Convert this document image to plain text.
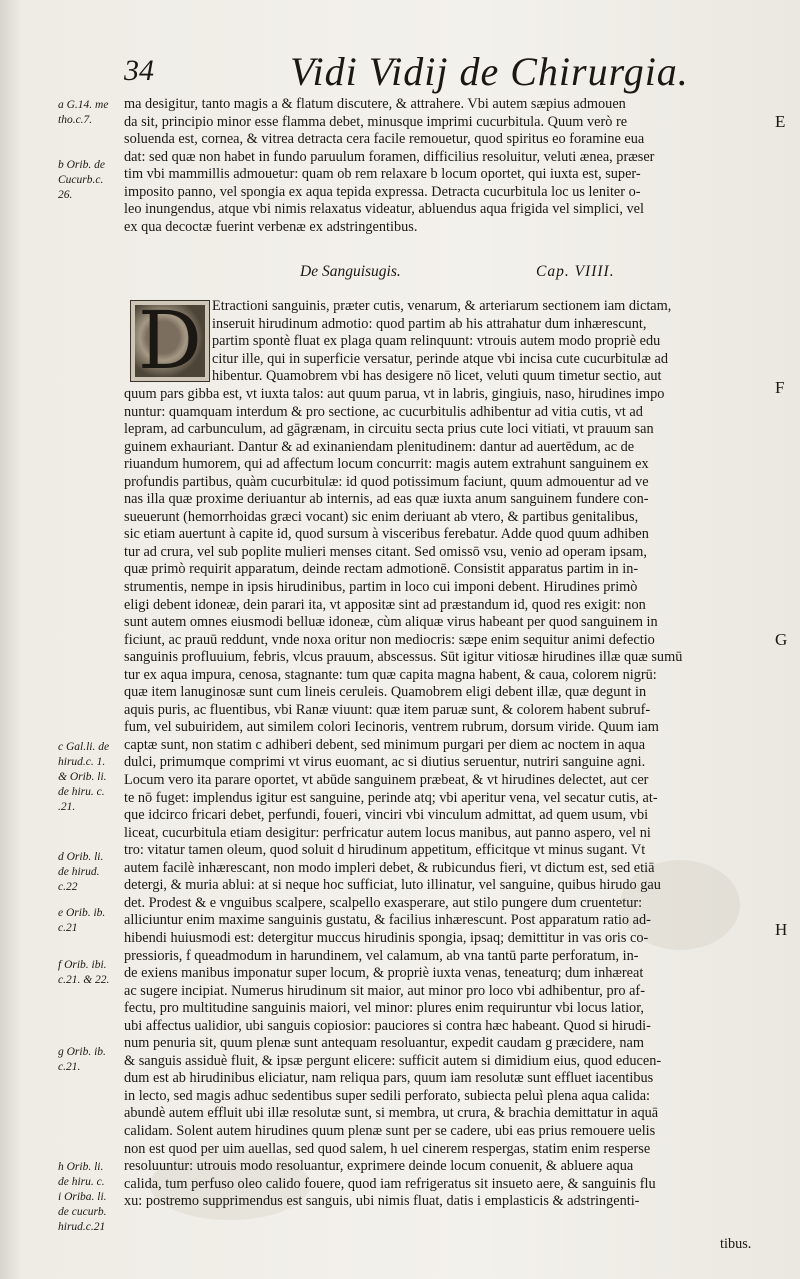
34	Vidi Vidij de Chirurgia.
E
F
G
H
a G.14. me
tho.c.7.
b Orib. de
Cucurb.c.
26.
c Gal.li. de
hirud.c. 1.
& Orib. li.
de hiru. c.
.21.
d Orib. li.
de hirud.
c.22
e Orib. ib.
c.21
f Orib. ibi.
c.21. & 22.
g Orib. ib.
c.21.
h Orib. li.
de hiru. c.
i Oriba. li.
de cucurb.
hirud.c.21
ma desigitur, tanto magis a & flatum discutere, & attrahere. Vbi autem sæpius admouen
da sit, principio minor esse flamma debet, minusque imprimi cucurbitula. Quum verò re
soluenda est, cornea, & vitrea detracta cera facile remouetur, quod spiritus eo foramine eua
dat: sed quæ non habet in fundo paruulum foramen, difficilius resoluitur, veluti ænea, præser
tim vbi mammillis admouetur: quam ob rem relaxare b locum oportet, qui iuxta est, super-
imposito panno, vel spongia ex aqua tepida expressa. Detracta cucurbitula loc us leniter o-
leo inungendus, atque vbi nimis relaxatus videatur, abluendus aqua frigida vel simplici, vel
ex qua decoctæ fuerint verbenæ ex adstringentibus.
De Sanguisugis.	Cap. VIIII.
D Etractioni sanguinis, præter cutis, venarum, & arteriarum sectionem iam dictam,
inseruit hirudinum admotio: quod partim ab his attrahatur dum inhærescunt,
partim spontè fluat ex plaga quam relinquunt: vtrouis autem modo propriè edu
citur ille, qui in superficie versatur, perinde atque vbi incisa cute cucurbitulæ ad
hibentur. Quamobrem vbi has desigere nō licet, veluti quum timetur sectio, aut
quum pars gibba est, vt iuxta talos: aut quum parua, vt in labris, gingiuis, naso, hirudines impo
nuntur: quamquam interdum & pro sectione, ac cucurbitulis adhibentur ad vitia cutis, vt ad
lepram, ad carbunculum, ad gāgrænam, in circuitu secta prius cute loci vitiati, vt prauum san
guinem exhauriant. Dantur & ad exinaniendam plenitudinem: dantur ad auertēdum, ac de
riuandum humorem, qui ad affectum locum concurrit: magis autem extrahunt sanguinem ex
profundis partibus, quàm cucurbitulæ: id quod potissimum faciunt, quum admouentur ad ve
nas illa quæ proxime deriuantur ab internis, ad eas quæ iuxta anum sanguinem fundere con-
sueuerunt (hemorrhoidas græci vocant) sic enim deriuant ab vtero, & partibus genitalibus,
sic etiam auertunt à capite id, quod sursum à visceribus ferebatur. Adde quod quum adhiben
tur ad crura, vel sub poplite mulieri menses citant. Sed omissō vsu, venio ad operam ipsam,
quæ primò requirit apparatum, deinde rectam admotionē. Consistit apparatus partim in in-
strumentis, nempe in ipsis hirudinibus, partim in loco cui imponi debent. Hirudines primò
eligi debent idoneæ, dein parari ita, vt appositæ sint ad præstandum id, quod res exigit: non
sunt autem omnes eiusmodi belluæ idoneæ, cùm aliquæ virus habeant per quod sanguinem in
ficiunt, ac prauū reddunt, vnde noxa oritur non mediocris: sæpe enim sequitur animi defectio
sanguinis profluuium, febris, vlcus prauum, abscessus. Sūt igitur vitiosæ hirudines illæ quæ sumū
tur ex aqua impura, cenosa, stagnante: tum quæ capita magna habent, & caua, colorem nigrū:
quæ item lanuginosæ sunt cum lineis ceruleis. Quamobrem eligi debent illæ, quæ degunt in
aquis puris, ac fluentibus, vbi Ranæ viuunt: quæ item paruæ sunt, & colorem habent subruf-
fum, vel subuiridem, aut similem colori Iecinoris, ventrem rubrum, dorsum viride. Quum iam
captæ sunt, non statim c adhiberi debent, sed minimum purgari per diem ac noctem in aqua
dulci, primumque comprimi vt virus euomant, ac si diutius seruentur, nutriri sanguine agni.
Locum vero ita parare oportet, vt abūde sanguinem præbeat, & vt hirudines delectet, aut cer
te nō fuget: implendus igitur est sanguine, perinde atq; vbi aperitur vena, vel secatur cutis, at-
que idcirco fricari debet, perfundi, foueri, vinciri vbi vinculum admittat, ad quem usum, vbi
liceat, cucurbitula etiam desigitur: perfricatur autem locus manibus, aut panno aspero, vel ni
tro: vitatur tamen oleum, quod soluit d hirudinum appetitum, efficitque vt minus sugant. Vt
autem facilè inhærescant, non modo impleri debet, & rubicundus fieri, vt dictum est, sed etiā
detergi, & muria ablui: at si neque hoc sufficiat, luto illinatur, vel sanguine, quibus hirudo gau
det. Prodest & e vnguibus scalpere, scalpello exasperare, aut stilo pungere dum cruentetur:
alliciuntur enim maxime sanguinis gustatu, & facilius inhærescunt. Post apparatum ratio ad-
hibendi huiusmodi est: detergitur muccus hirudinis spongia, ipsaq; demittitur in vas oris co-
pressioris, f queadmodum in harundinem, vel calamum, ab vna tantū parte perforatum, in-
de exiens manibus imponatur super locum, & propriè iuxta venas, teneaturq; dum inhæreat
ac sugere incipiat. Numerus hirudinum sit maior, aut minor pro loco vbi adhibentur, pro af-
fectu, pro multitudine sanguinis maiori, vel minor: plures enim requiruntur vbi locus latior,
ubi affectus ualidior, ubi sanguis copiosior: pauciores si contra hæc habeant. Quod si hirudi-
num penuria sit, quum plenæ sunt antequam resoluantur, expedit caudam g præcidere, nam
& sanguis assiduè fluit, & ipsæ pergunt elicere: sufficit autem si dimidium eius, quod educen-
dum est ab hirudinibus eliciatur, nam reliqua pars, quum iam resolutæ sunt effluet iacentibus
in lecto, sed magis adhuc sedentibus super sedili perforato, subiecta peluì plena aqua calida:
abundè autem effluit ubi illæ resolutæ sunt, si membra, ut crura, & brachia demittatur in aquā
calidam. Solent autem hirudines quum plenæ sunt per se cadere, ubi eas prius remouere uelis
non est quod per uim auellas, sed quod salem, h uel cinerem respergas, statim enim resperse
resoluuntur: utrouis modo resoluantur, exprimere deinde locum conuenit, & abluere aqua
calida, tum perfuso oleo calido fouere, quod iam refrigeratus sit insueto aere, & sanguinis flu
xu: postremo supprimendus est sanguis, ubi nimis fluat, datis i emplasticis & adstringenti-
tibus.
